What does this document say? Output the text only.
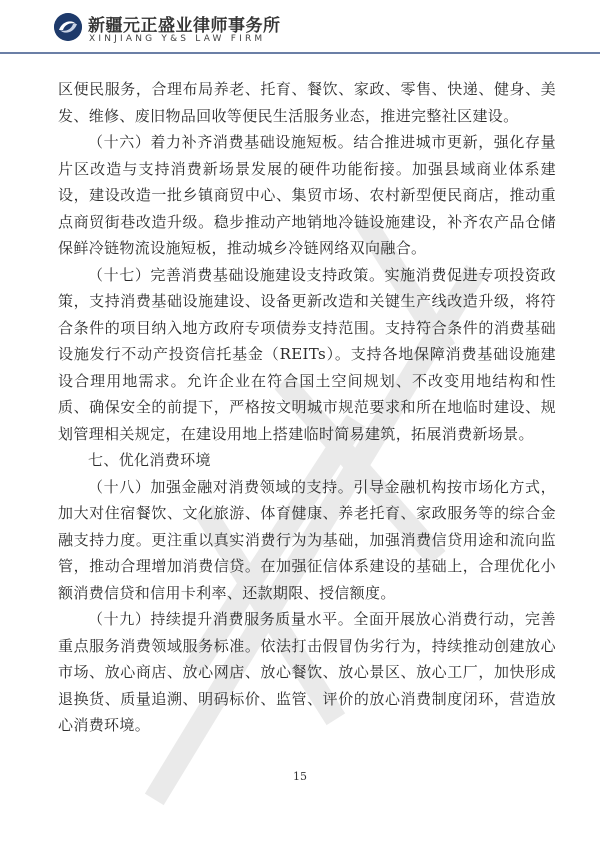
新疆元正盛业律师事务所
XINJIANG Y&S LAW FIRM

区便民服务，合理布局养老、托育、餐饮、家政、零售、快递、健身、美发、维修、废旧物品回收等便民生活服务业态，推进完整社区建设。

（十六）着力补齐消费基础设施短板。结合推进城市更新，强化存量片区改造与支持消费新场景发展的硬件功能衔接。加强县域商业体系建设，建设改造一批乡镇商贸中心、集贸市场、农村新型便民商店，推动重点商贸街巷改造升级。稳步推动产地销地冷链设施建设，补齐农产品仓储保鲜冷链物流设施短板，推动城乡冷链网络双向融合。

（十七）完善消费基础设施建设支持政策。实施消费促进专项投资政策，支持消费基础设施建设、设备更新改造和关键生产线改造升级，将符合条件的项目纳入地方政府专项债券支持范围。支持符合条件的消费基础设施发行不动产投资信托基金（REITs）。支持各地保障消费基础设施建设合理用地需求。允许企业在符合国土空间规划、不改变用地结构和性质、确保安全的前提下，严格按文明城市规范要求和所在地临时建设、规划管理相关规定，在建设用地上搭建临时简易建筑，拓展消费新场景。

七、优化消费环境

（十八）加强金融对消费领域的支持。引导金融机构按市场化方式，加大对住宿餐饮、文化旅游、体育健康、养老托育、家政服务等的综合金融支持力度。更注重以真实消费行为为基础，加强消费信贷用途和流向监管，推动合理增加消费信贷。在加强征信体系建设的基础上，合理优化小额消费信贷和信用卡利率、还款期限、授信额度。

（十九）持续提升消费服务质量水平。全面开展放心消费行动，完善重点服务消费领域服务标准。依法打击假冒伪劣行为，持续推动创建放心市场、放心商店、放心网店、放心餐饮、放心景区、放心工厂，加快形成退换货、质量追溯、明码标价、监管、评价的放心消费制度闭环，营造放心消费环境。

15
